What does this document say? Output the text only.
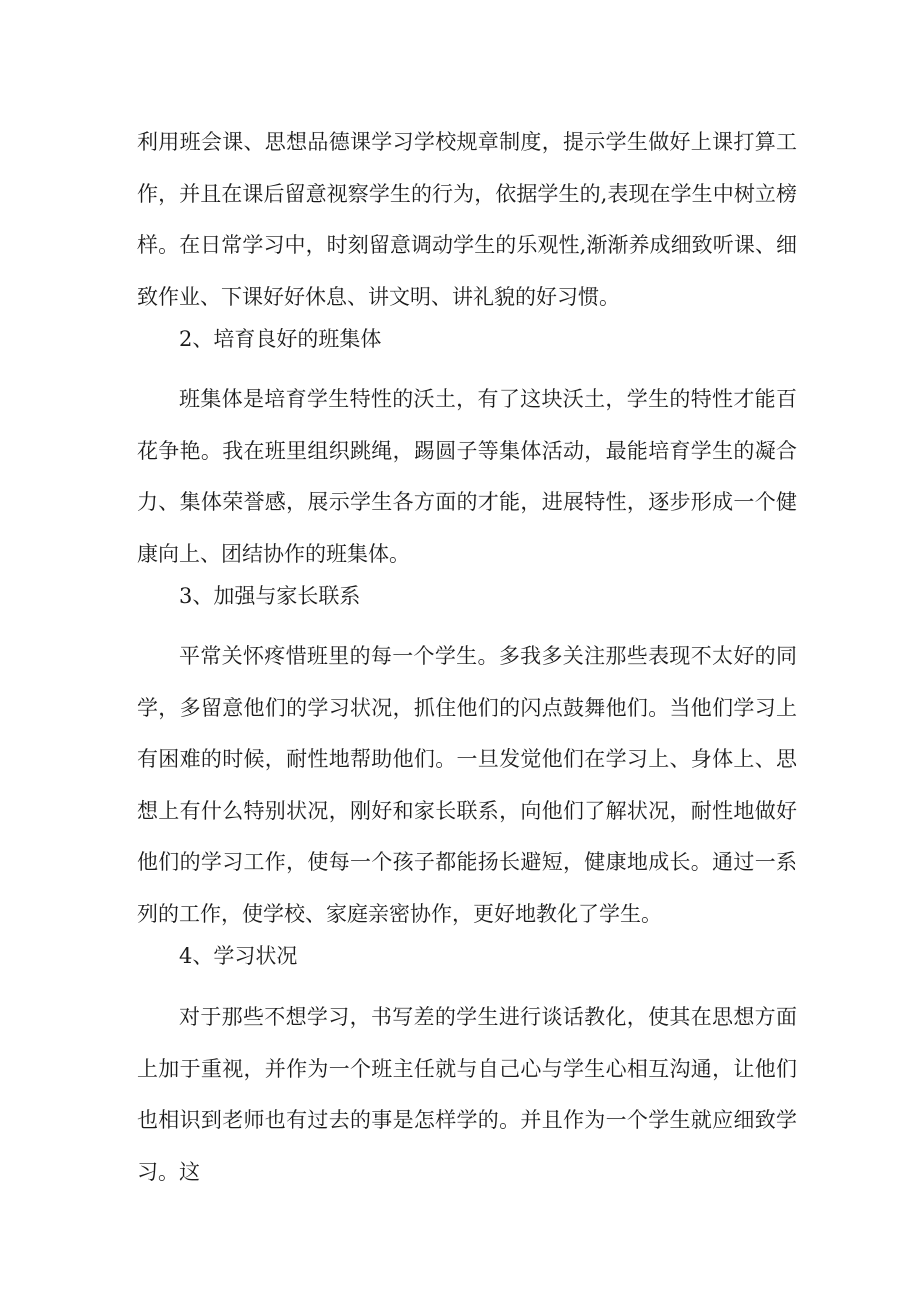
利用班会课、思想品德课学习学校规章制度，提示学生做好上课打算工作，并且在课后留意视察学生的行为，依据学生的,表现在学生中树立榜样。在日常学习中，时刻留意调动学生的乐观性,渐渐养成细致听课、细致作业、下课好好休息、讲文明、讲礼貌的好习惯。

2、培育良好的班集体

班集体是培育学生特性的沃土，有了这块沃土，学生的特性才能百花争艳。我在班里组织跳绳，踢圆子等集体活动，最能培育学生的凝合力、集体荣誉感，展示学生各方面的才能，进展特性，逐步形成一个健康向上、团结协作的班集体。

3、加强与家长联系

平常关怀疼惜班里的每一个学生。多我多关注那些表现不太好的同学，多留意他们的学习状况，抓住他们的闪点鼓舞他们。当他们学习上有困难的时候，耐性地帮助他们。一旦发觉他们在学习上、身体上、思想上有什么特别状况，刚好和家长联系，向他们了解状况，耐性地做好他们的学习工作，使每一个孩子都能扬长避短，健康地成长。通过一系列的工作，使学校、家庭亲密协作，更好地教化了学生。

4、学习状况

对于那些不想学习，书写差的学生进行谈话教化，使其在思想方面上加于重视，并作为一个班主任就与自己心与学生心相互沟通，让他们也相识到老师也有过去的事是怎样学的。并且作为一个学生就应细致学习。这
